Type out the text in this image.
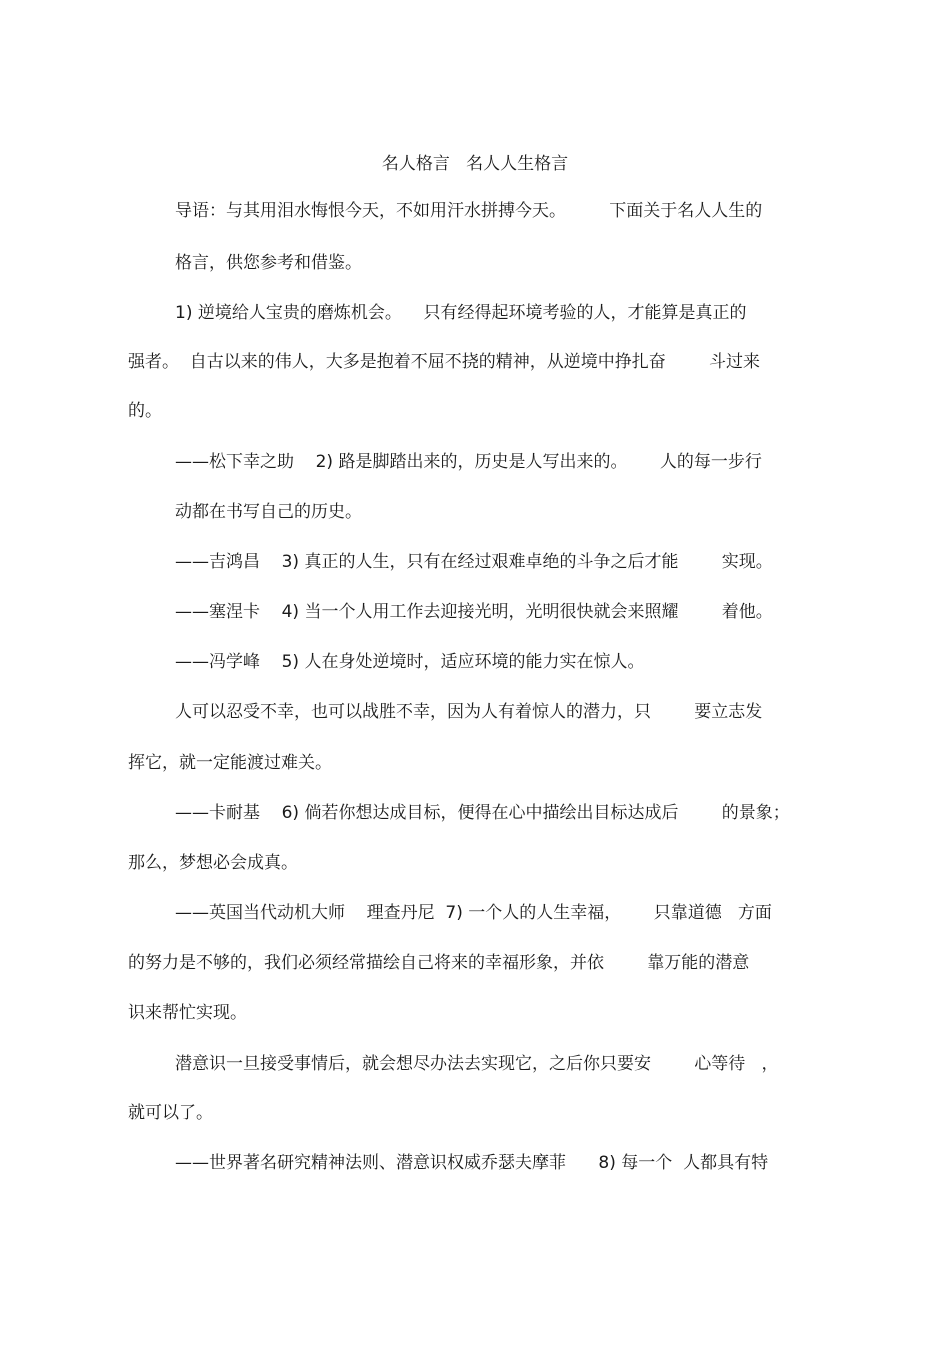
名人格言   名人人生格言
导语：与其用泪水悔恨今天，不如用汗水拼搏今天。        下面关于名人人生的
格言，供您参考和借鉴。
1) 逆境给人宝贵的磨炼机会。    只有经得起环境考验的人，才能算是真正的
强者。  自古以来的伟人，大多是抱着不屈不挠的精神，从逆境中挣扎奋        斗过来
的。
——松下幸之助    2) 路是脚踏出来的，历史是人写出来的。      人的每一步行
动都在书写自己的历史。
——吉鸿昌    3) 真正的人生，只有在经过艰难卓绝的斗争之后才能        实现。
——塞涅卡    4) 当一个人用工作去迎接光明，光明很快就会来照耀        着他。
——冯学峰    5) 人在身处逆境时，适应环境的能力实在惊人。
人可以忍受不幸，也可以战胜不幸，因为人有着惊人的潜力，只        要立志发
挥它，就一定能渡过难关。
——卡耐基    6) 倘若你想达成目标，便得在心中描绘出目标达成后        的景象；
那么，梦想必会成真。
——英国当代动机大师    理查丹尼  7) 一个人的人生幸福，      只靠道德   方面
的努力是不够的，我们必须经常描绘自己将来的幸福形象，并依        靠万能的潜意
识来帮忙实现。
潜意识一旦接受事情后，就会想尽办法去实现它，之后你只要安        心等待   ，
就可以了。
——世界著名研究精神法则、潜意识权威乔瑟夫摩菲      8) 每一个  人都具有特
